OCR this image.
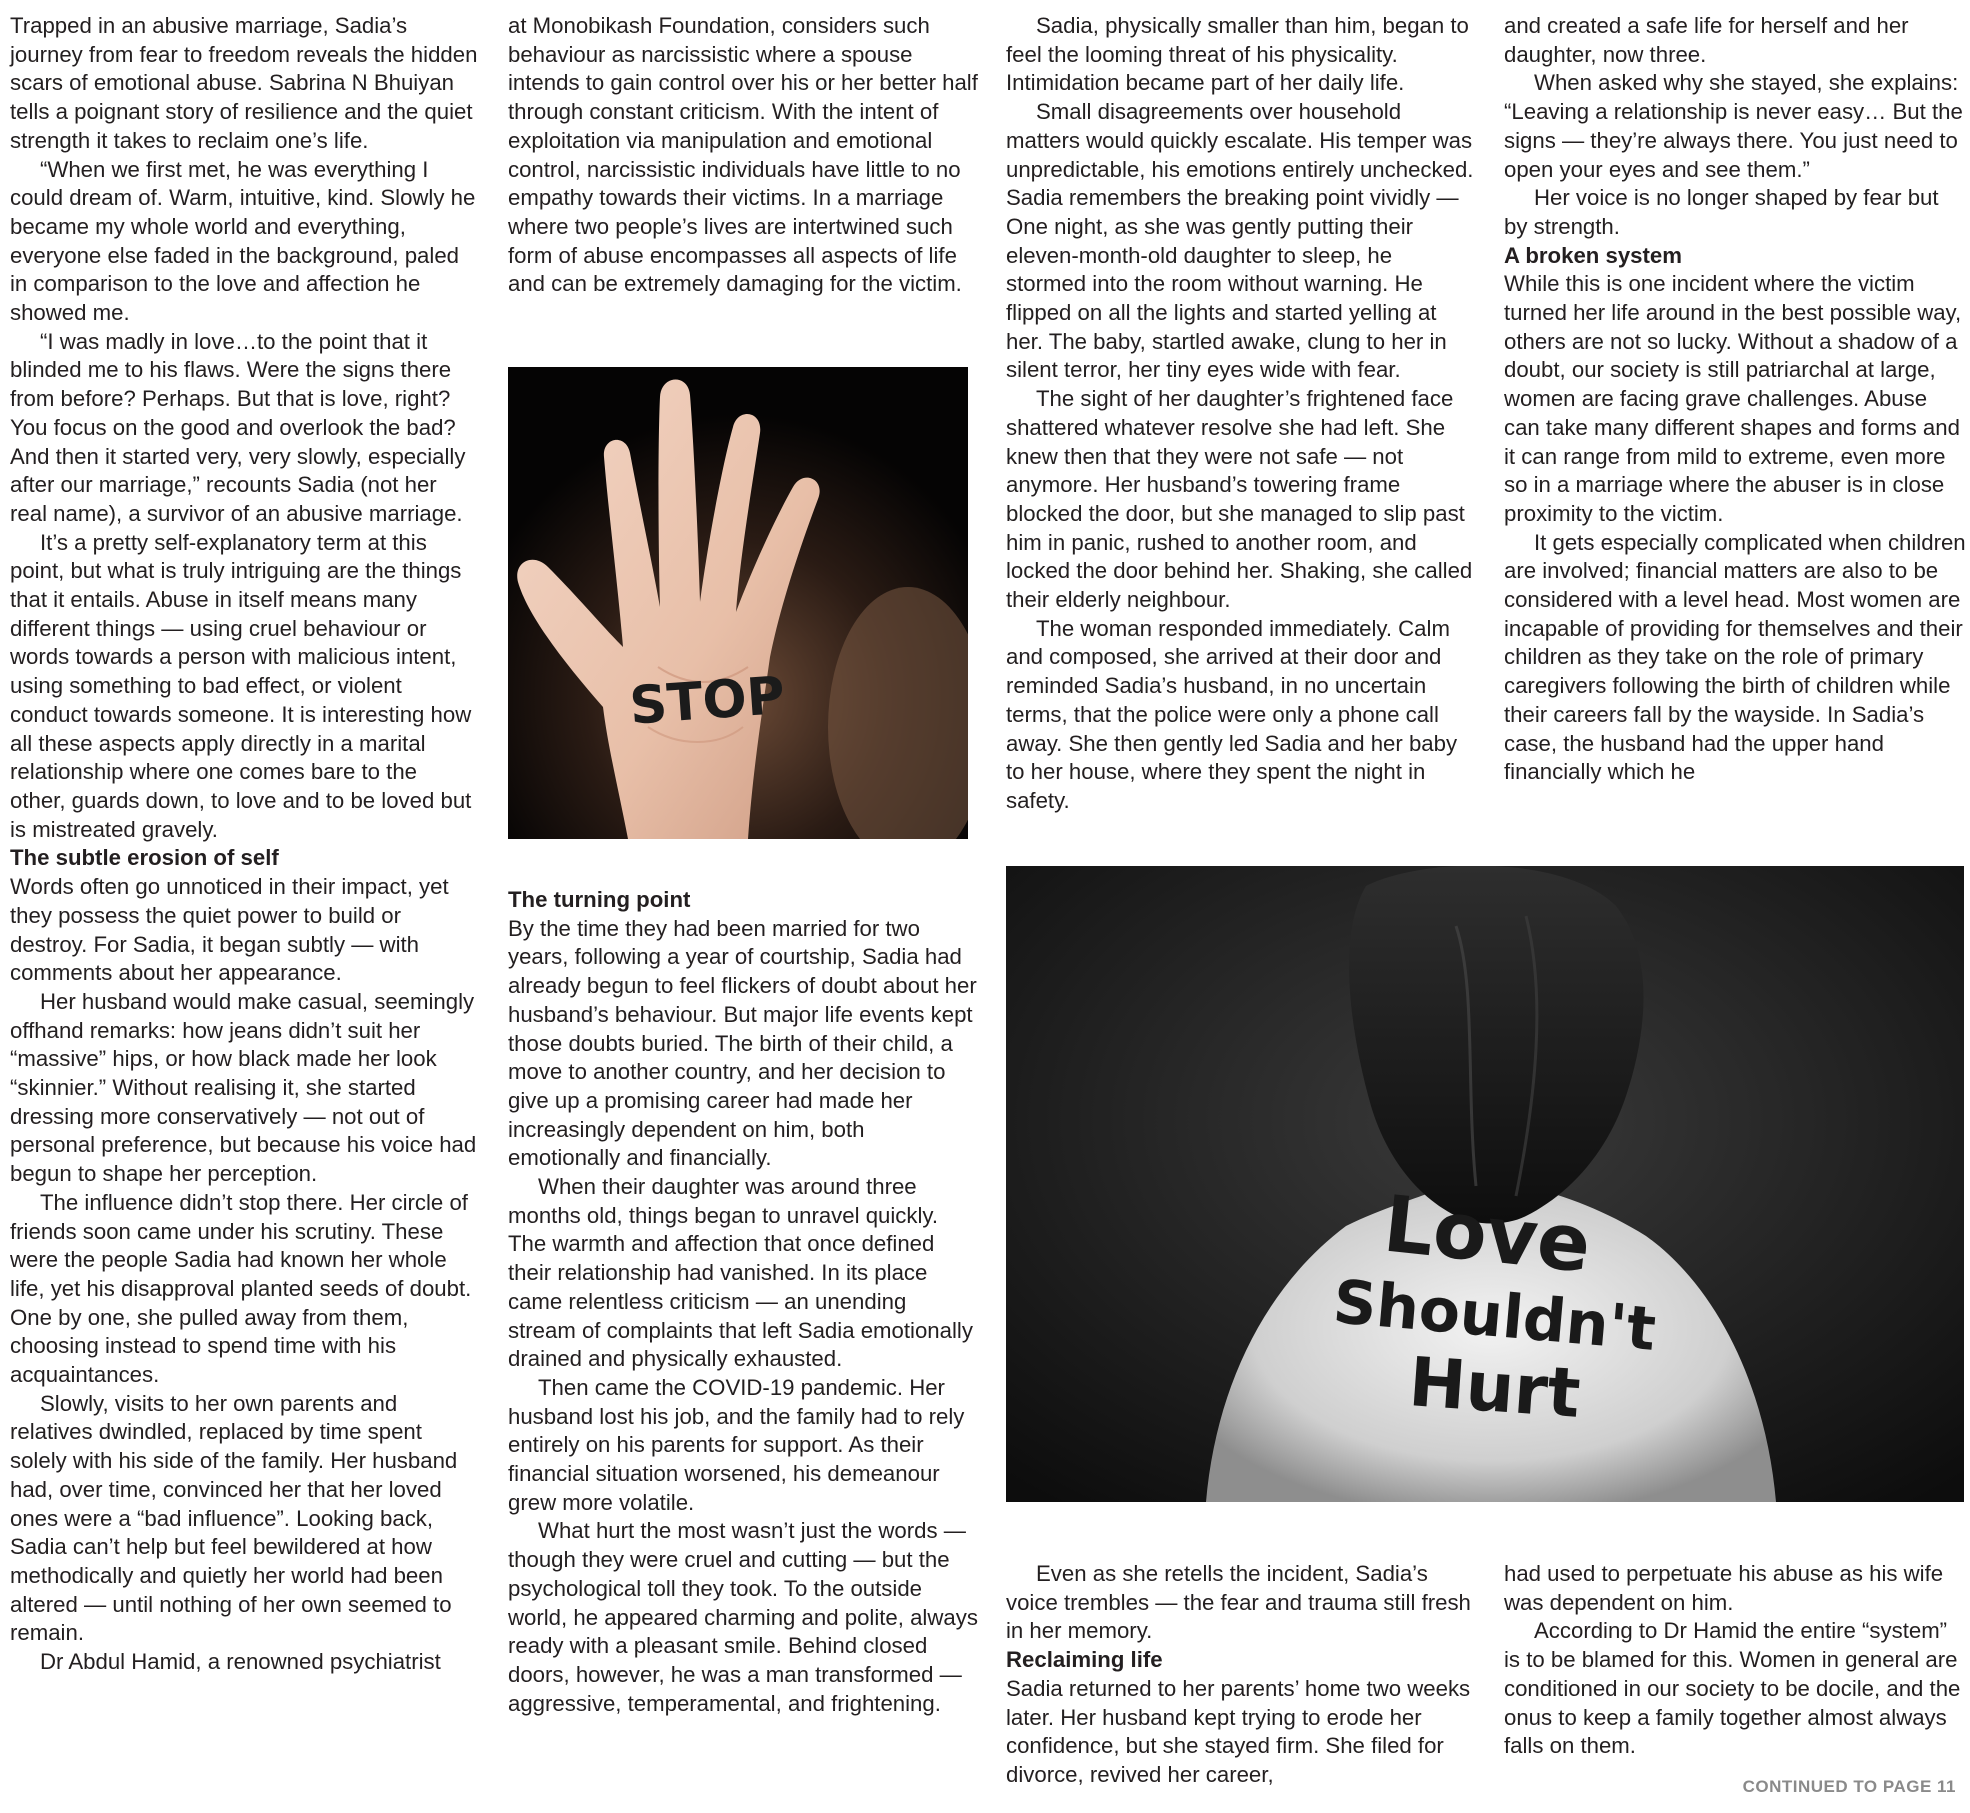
Trapped in an abusive marriage, Sadia’s journey from fear to freedom reveals the hidden scars of emotional abuse. Sabrina N Bhuiyan tells a poignant story of resilience and the quiet strength it takes to reclaim one’s life.

“When we first met, he was everything I could dream of. Warm, intuitive, kind. Slowly he became my whole world and everything, everyone else faded in the background, paled in comparison to the love and affection he showed me.

“I was madly in love…to the point that it blinded me to his flaws. Were the signs there from before? Perhaps. But that is love, right? You focus on the good and overlook the bad? And then it started very, very slowly, especially after our marriage,” recounts Sadia (not her real name), a survivor of an abusive marriage.

It’s a pretty self-explanatory term at this point, but what is truly intriguing are the things that it entails. Abuse in itself means many different things — using cruel behaviour or words towards a person with malicious intent, using something to bad effect, or violent conduct towards someone. It is interesting how all these aspects apply directly in a marital relationship where one comes bare to the other, guards down, to love and to be loved but is mistreated gravely.

The subtle erosion of self

Words often go unnoticed in their impact, yet they possess the quiet power to build or destroy. For Sadia, it began subtly — with comments about her appearance.

Her husband would make casual, seemingly offhand remarks: how jeans didn’t suit her “massive” hips, or how black made her look “skinnier.” Without realising it, she started dressing more conservatively — not out of personal preference, but because his voice had begun to shape her perception.

The influence didn’t stop there. Her circle of friends soon came under his scrutiny. These were the people Sadia had known her whole life, yet his disapproval planted seeds of doubt. One by one, she pulled away from them, choosing instead to spend time with his acquaintances.

Slowly, visits to her own parents and relatives dwindled, replaced by time spent solely with his side of the family. Her husband had, over time, convinced her that her loved ones were a “bad influence”. Looking back, Sadia can’t help but feel bewildered at how methodically and quietly her world had been altered — until nothing of her own seemed to remain.

Dr Abdul Hamid, a renowned psychiatrist

at Monobikash Foundation, considers such behaviour as narcissistic where a spouse intends to gain control over his or her better half through constant criticism. With the intent of exploitation via manipulation and emotional control, narcissistic individuals have little to no empathy towards their victims. In a marriage where two people’s lives are intertwined such form of abuse encompasses all aspects of life and can be extremely damaging for the victim.

STOP
The turning point

By the time they had been married for two years, following a year of courtship, Sadia had already begun to feel flickers of doubt about her husband’s behaviour. But major life events kept those doubts buried. The birth of their child, a move to another country, and her decision to give up a promising career had made her increasingly dependent on him, both emotionally and financially.

When their daughter was around three months old, things began to unravel quickly. The warmth and affection that once defined their relationship had vanished. In its place came relentless criticism — an unending stream of complaints that left Sadia emotionally drained and physically exhausted.

Then came the COVID-19 pandemic. Her husband lost his job, and the family had to rely entirely on his parents for support. As their financial situation worsened, his demeanour grew more volatile.

What hurt the most wasn’t just the words — though they were cruel and cutting — but the psychological toll they took. To the outside world, he appeared charming and polite, always ready with a pleasant smile. Behind closed doors, however, he was a man transformed — aggressive, temperamental, and frightening.

Sadia, physically smaller than him, began to feel the looming threat of his physicality. Intimidation became part of her daily life.

Small disagreements over household matters would quickly escalate. His temper was unpredictable, his emotions entirely unchecked. Sadia remembers the breaking point vividly — One night, as she was gently putting their eleven-month-old daughter to sleep, he stormed into the room without warning. He flipped on all the lights and started yelling at her. The baby, startled awake, clung to her in silent terror, her tiny eyes wide with fear.

The sight of her daughter’s frightened face shattered whatever resolve she had left. She knew then that they were not safe — not anymore. Her husband’s towering frame blocked the door, but she managed to slip past him in panic, rushed to another room, and locked the door behind her. Shaking, she called their elderly neighbour.

The woman responded immediately. Calm and composed, she arrived at their door and reminded Sadia’s husband, in no uncertain terms, that the police were only a phone call away. She then gently led Sadia and her baby to her house, where they spent the night in safety.

and created a safe life for herself and her daughter, now three.

When asked why she stayed, she explains: “Leaving a relationship is never easy… But the signs — they’re always there. You just need to open your eyes and see them.”

Her voice is no longer shaped by fear but by strength.

A broken system

While this is one incident where the victim turned her life around in the best possible way, others are not so lucky. Without a shadow of a doubt, our society is still patriarchal at large, women are facing grave challenges. Abuse can take many different shapes and forms and it can range from mild to extreme, even more so in a marriage where the abuser is in close proximity to the victim.

It gets especially complicated when children are involved; financial matters are also to be considered with a level head. Most women are incapable of providing for themselves and their children as they take on the role of primary caregivers following the birth of children while their careers fall by the wayside. In Sadia’s case, the husband had the upper hand financially which he

Love
Shouldn't
Hurt

Even as she retells the incident, Sadia’s voice trembles — the fear and trauma still fresh in her memory.

Reclaiming life

Sadia returned to her parents’ home two weeks later. Her husband kept trying to erode her confidence, but she stayed firm. She filed for divorce, revived her career,

had used to perpetuate his abuse as his wife was dependent on him.

According to Dr Hamid the entire “system” is to be blamed for this. Women in general are conditioned in our society to be docile, and the onus to keep a family together almost always falls on them.

CONTINUED TO PAGE 11
